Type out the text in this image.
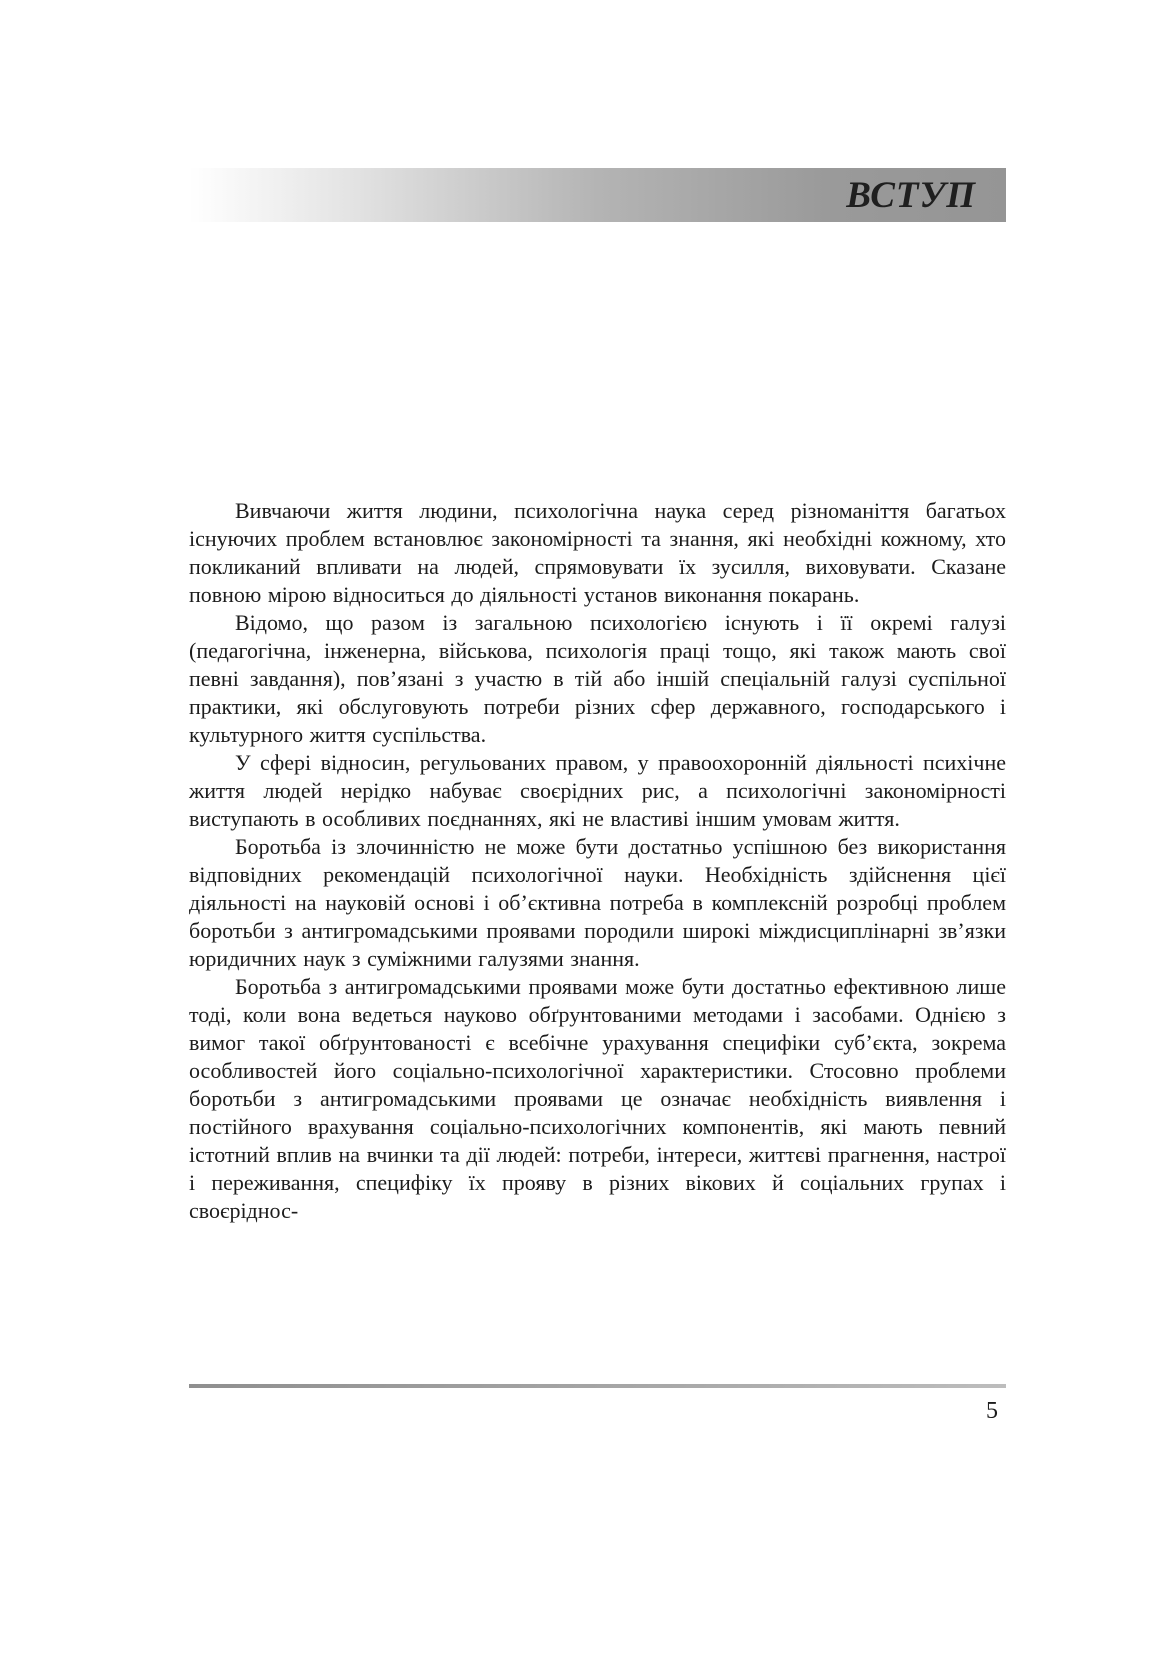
ВСТУП

Вивчаючи життя людини, психологічна наука серед різноманіття багатьох існуючих проблем встановлює закономірності та знання, які необхідні кожному, хто покликаний впливати на людей, спрямовувати їх зусилля, виховувати. Сказане повною мірою відноситься до діяльності установ виконання покарань.

Відомо, що разом із загальною психологією існують і її окремі галузі (педагогічна, інженерна, військова, психологія праці тощо, які також мають свої певні завдання), пов’язані з участю в тій або іншій спеціальній галузі суспільної практики, які обслуговують потреби різних сфер державного, господарського і культурного життя суспільства.

У сфері відносин, регульованих правом, у правоохоронній діяльності психічне життя людей нерідко набуває своєрідних рис, а психологічні закономірності виступають в особливих поєднаннях, які не властиві іншим умовам життя.

Боротьба із злочинністю не може бути достатньо успішною без використання відповідних рекомендацій психологічної науки. Необхідність здійснення цієї діяльності на науковій основі і об’єктивна потреба в комплексній розробці проблем боротьби з антигромадськими проявами породили широкі міждисциплінарні зв’язки юридичних наук з суміжними галузями знання.

Боротьба з антигромадськими проявами може бути достатньо ефективною лише тоді, коли вона ведеться науково обґрунтованими методами і засобами. Однією з вимог такої обґрунтованості є всебічне урахування специфіки суб’єкта, зокрема особливостей його соціально-психологічної характеристики. Стосовно проблеми боротьби з антигромадськими проявами це означає необхідність виявлення і постійного врахування соціально-психологічних компонентів, які мають певний істотний вплив на вчинки та дії людей: потреби, інтереси, життєві прагнення, настрої і переживання, специфіку їх прояву в різних вікових й соціальних групах і своєріднос-

5
